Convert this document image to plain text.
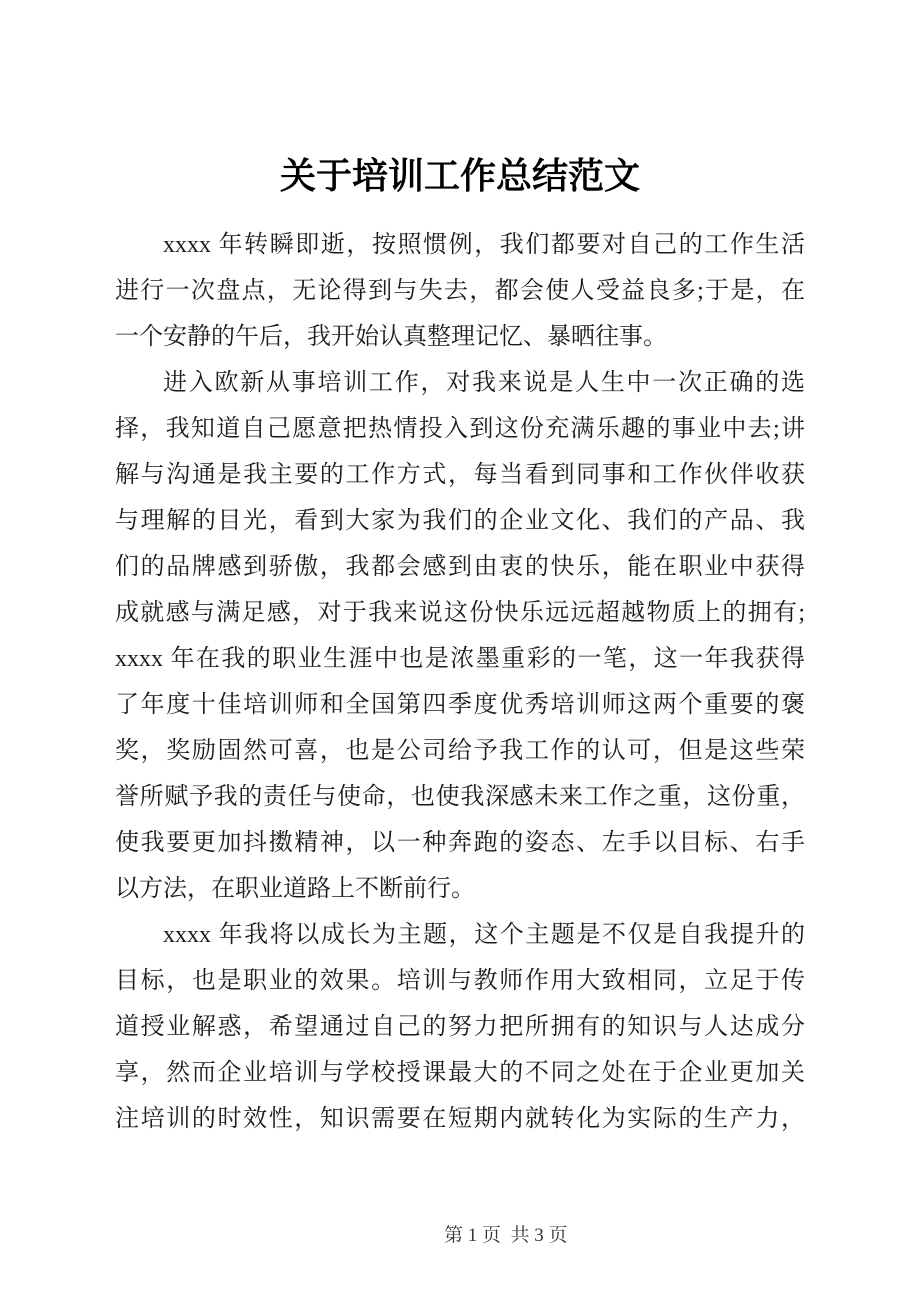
关于培训工作总结范文
xxxx 年转瞬即逝，按照惯例，我们都要对自己的工作生活
进行一次盘点，无论得到与失去，都会使人受益良多;于是，在
一个安静的午后，我开始认真整理记忆、暴晒往事。
进入欧新从事培训工作，对我来说是人生中一次正确的选
择，我知道自己愿意把热情投入到这份充满乐趣的事业中去;讲
解与沟通是我主要的工作方式，每当看到同事和工作伙伴收获
与理解的目光，看到大家为我们的企业文化、我们的产品、我
们的品牌感到骄傲，我都会感到由衷的快乐，能在职业中获得
成就感与满足感，对于我来说这份快乐远远超越物质上的拥有;
xxxx 年在我的职业生涯中也是浓墨重彩的一笔，这一年我获得
了年度十佳培训师和全国第四季度优秀培训师这两个重要的褒
奖，奖励固然可喜，也是公司给予我工作的认可，但是这些荣
誉所赋予我的责任与使命，也使我深感未来工作之重，这份重，
使我要更加抖擞精神，以一种奔跑的姿态、左手以目标、右手
以方法，在职业道路上不断前行。
xxxx 年我将以成长为主题，这个主题是不仅是自我提升的
目标，也是职业的效果。培训与教师作用大致相同，立足于传
道授业解惑，希望通过自己的努力把所拥有的知识与人达成分
享，然而企业培训与学校授课最大的不同之处在于企业更加关
注培训的时效性，知识需要在短期内就转化为实际的生产力，

第 1 页  共 3 页
